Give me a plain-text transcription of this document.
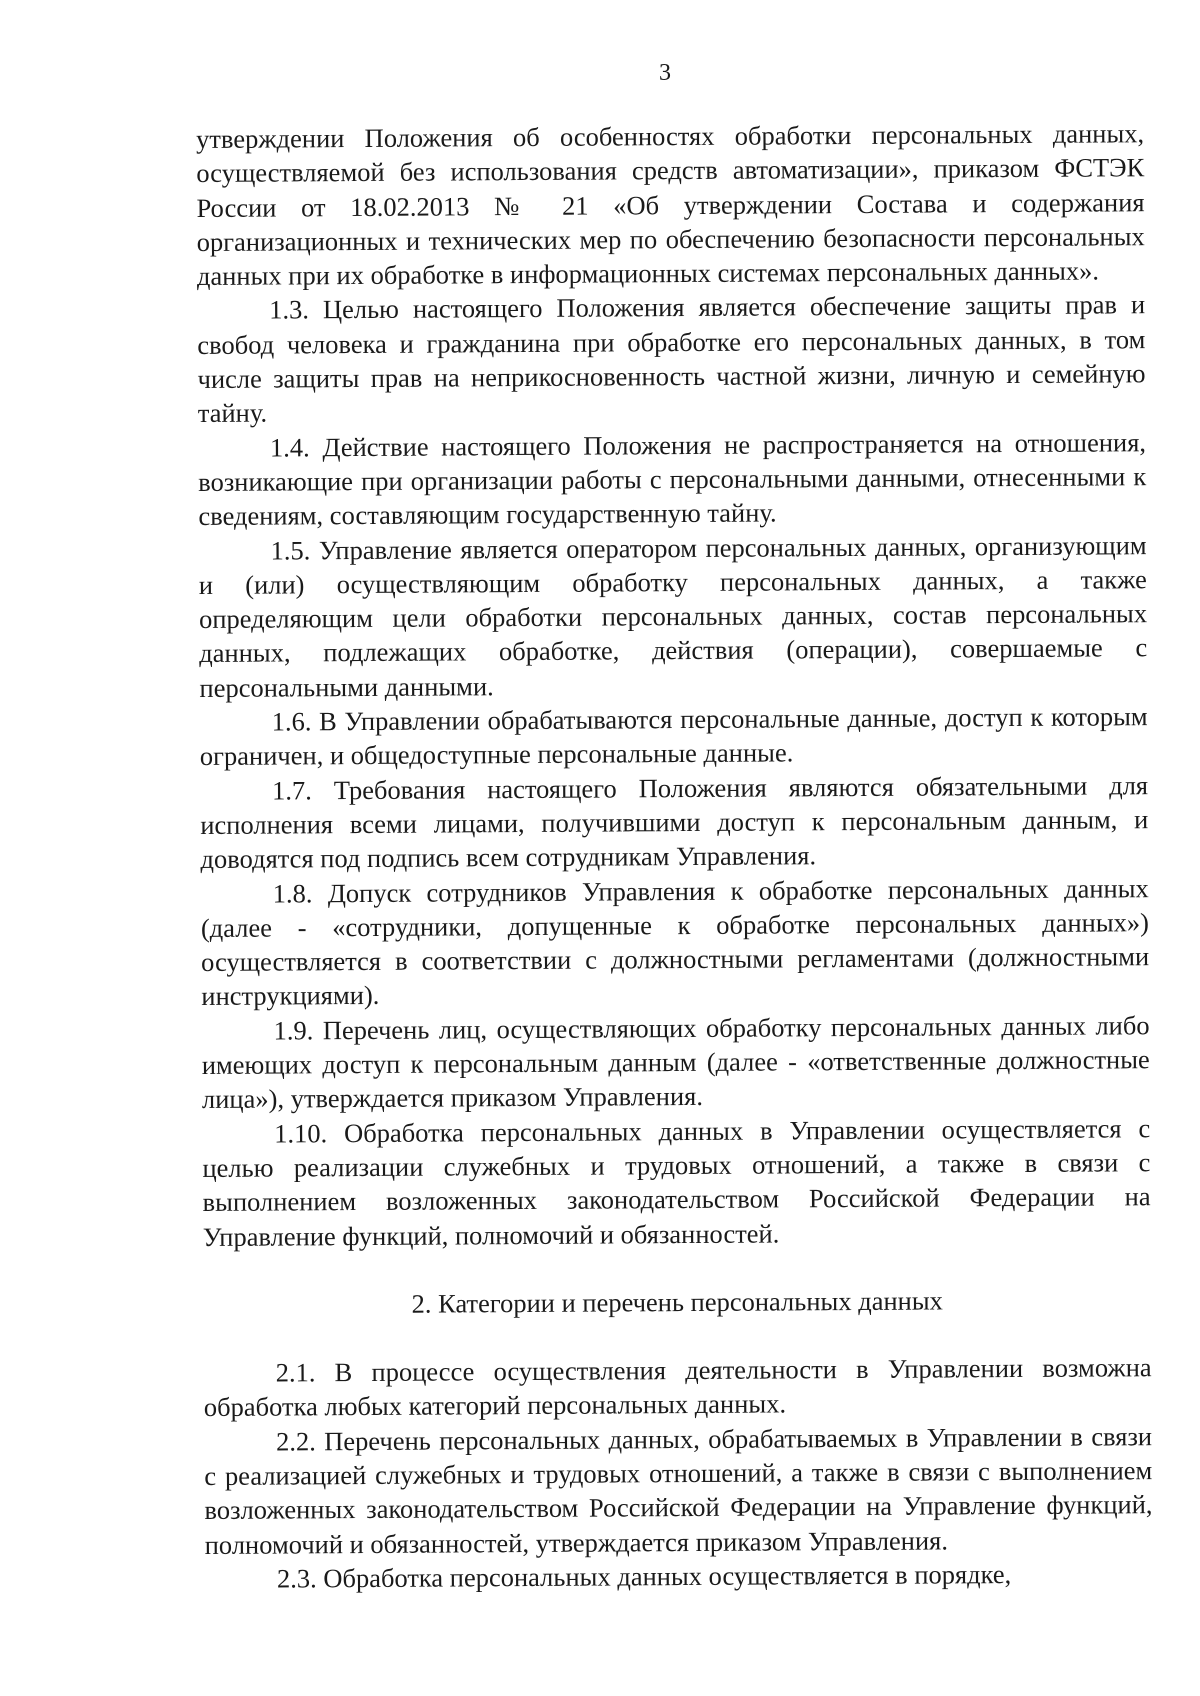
3

утверждении Положения об особенностях обработки персональных данных, осуществляемой без использования средств автоматизации», приказом ФСТЭК России от 18.02.2013 № 21 «Об утверждении Состава и содержания организационных и технических мер по обеспечению безопасности персональных данных при их обработке в информационных системах персональных данных».

1.3. Целью настоящего Положения является обеспечение защиты прав и свобод человека и гражданина при обработке его персональных данных, в том числе защиты прав на неприкосновенность частной жизни, личную и семейную тайну.

1.4. Действие настоящего Положения не распространяется на отношения, возникающие при организации работы с персональными данными, отнесенными к сведениям, составляющим государственную тайну.

1.5. Управление является оператором персональных данных, организующим и (или) осуществляющим обработку персональных данных, а также определяющим цели обработки персональных данных, состав персональных данных, подлежащих обработке, действия (операции), совершаемые с персональными данными.

1.6. В Управлении обрабатываются персональные данные, доступ к которым ограничен, и общедоступные персональные данные.

1.7. Требования настоящего Положения являются обязательными для исполнения всеми лицами, получившими доступ к персональным данным, и доводятся под подпись всем сотрудникам Управления.

1.8. Допуск сотрудников Управления к обработке персональных данных (далее - «сотрудники, допущенные к обработке персональных данных») осуществляется в соответствии с должностными регламентами (должностными инструкциями).

1.9. Перечень лиц, осуществляющих обработку персональных данных либо имеющих доступ к персональным данным (далее - «ответственные должностные лица»), утверждается приказом Управления.

1.10. Обработка персональных данных в Управлении осуществляется с целью реализации служебных и трудовых отношений, а также в связи с выполнением возложенных законодательством Российской Федерации на Управление функций, полномочий и обязанностей.

2. Категории и перечень персональных данных

2.1. В процессе осуществления деятельности в Управлении возможна обработка любых категорий персональных данных.

2.2. Перечень персональных данных, обрабатываемых в Управлении в связи с реализацией служебных и трудовых отношений, а также в связи с выполнением возложенных законодательством Российской Федерации на Управление функций, полномочий и обязанностей, утверждается приказом Управления.

2.3. Обработка персональных данных осуществляется в порядке,
